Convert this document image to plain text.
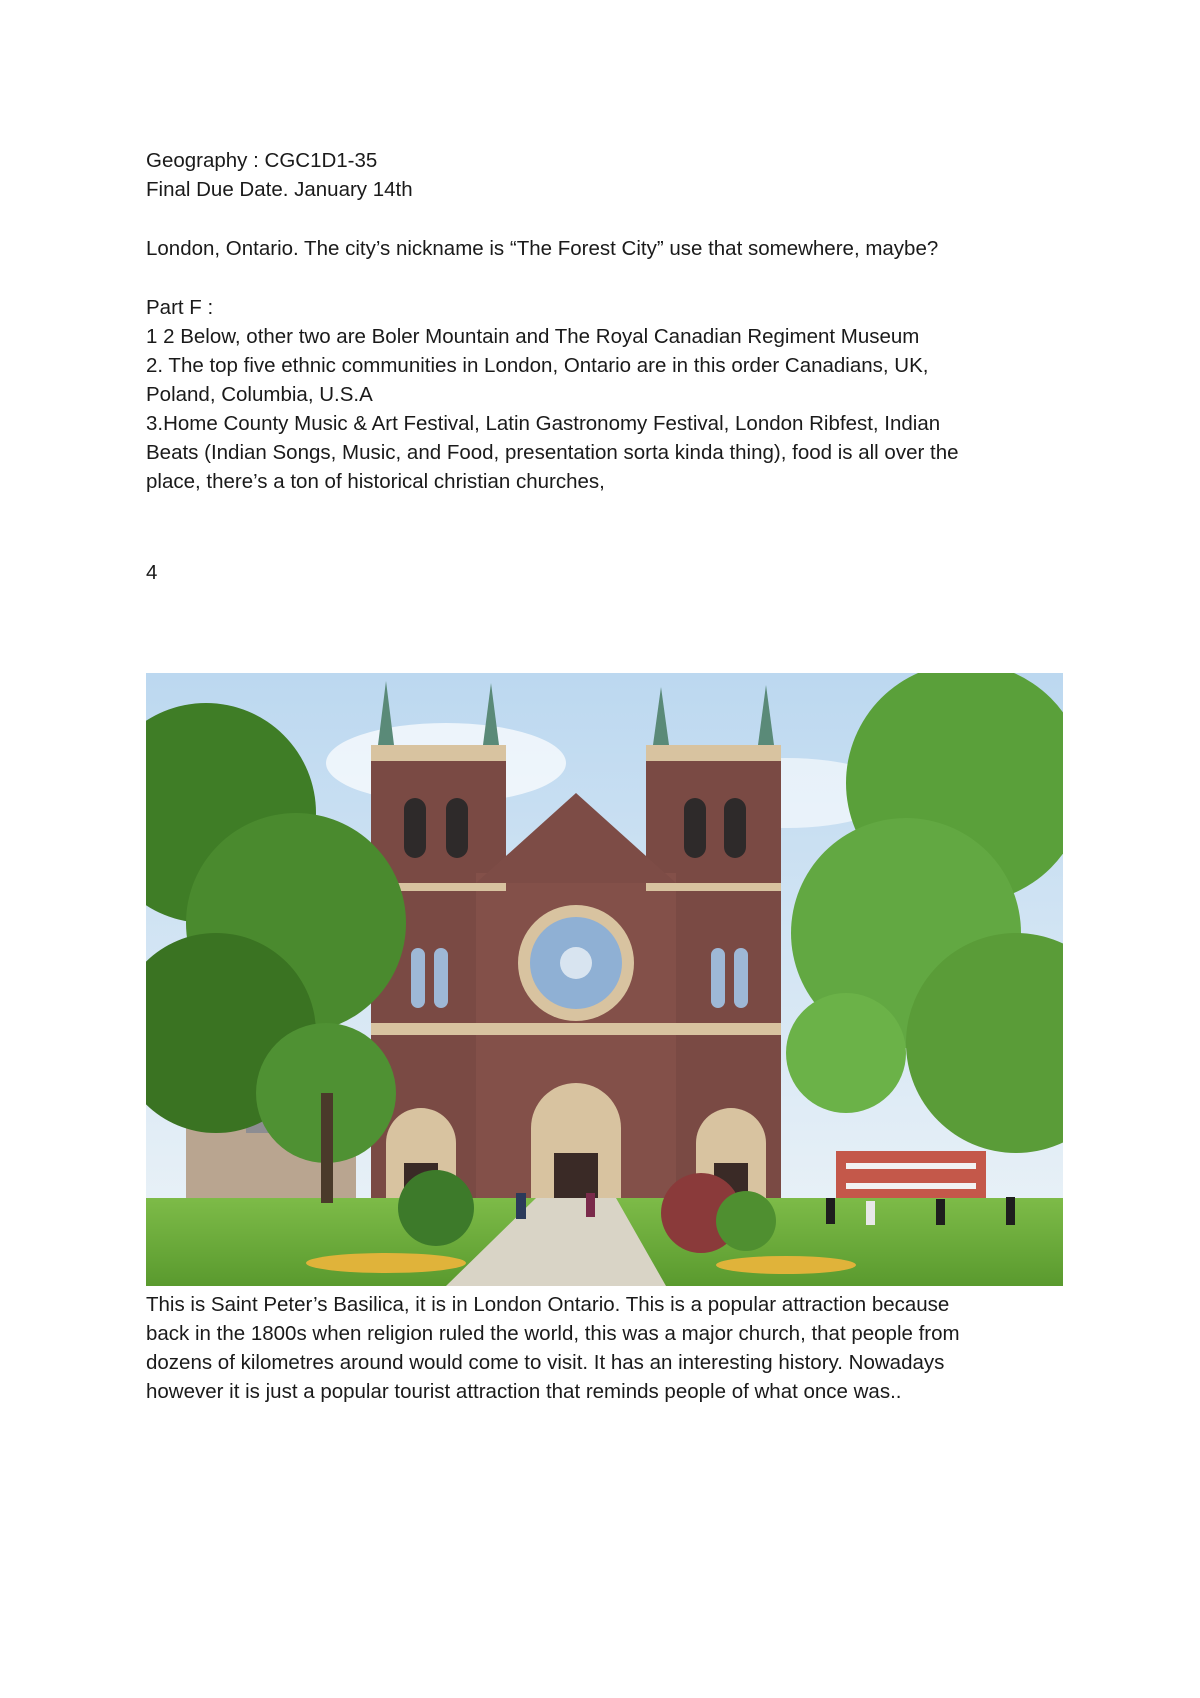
Geography : CGC1D1-35

Final Due Date. January 14th

London, Ontario. The city’s nickname is “The Forest City” use that somewhere, maybe?

Part F :

1 2 Below, other two are Boler Mountain and The Royal Canadian Regiment Museum

2. The top five ethnic communities in London, Ontario are in this order Canadians, UK,

Poland, Columbia, U.S.A

3.Home County Music & Art Festival, Latin Gastronomy Festival, London Ribfest, Indian

Beats (Indian Songs, Music, and Food, presentation sorta kinda thing), food is all over the

place, there’s a ton of historical christian churches,

4

This is Saint Peter’s Basilica, it is in London Ontario. This is a popular attraction because

back in the 1800s when religion ruled the world, this was a major church, that people from

dozens of kilometres around would come to visit. It has an interesting history. Nowadays

however it is just a popular tourist attraction that reminds people of what once was..
